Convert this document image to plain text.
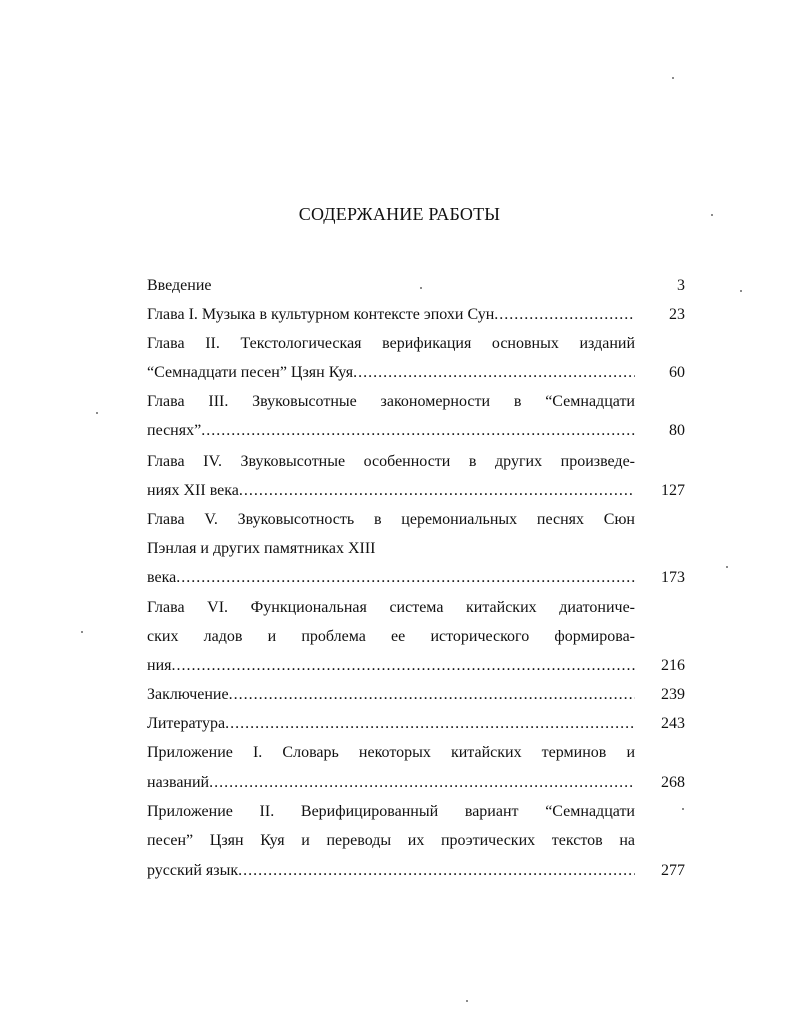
СОДЕРЖАНИЕ РАБОТЫ
Введение	3
Глава I. Музыка в культурном контексте эпохи Сун .....	23
Глава II. Текстологическая верификация основных изданий
“Семнадцати песен” Цзян Куя .....	60
Глава III. Звуковысотные закономерности в “Семнадцати
песнях” .....	80
Глава IV. Звуковысотные особенности в других произведе-
ниях XII века .....	127
Глава V. Звуковысотность в церемониальных песнях Сюн
Пэнлая и других памятниках XIII
века .....	173
Глава VI. Функциональная система китайских диатониче-
ских ладов и проблема ее исторического формирова-
ния .....	216
Заключение .....	239
Литература .....	243
Приложение I. Словарь некоторых китайских терминов и
названий .....	268
Приложение II. Верифицированный вариант “Семнадцати
песен” Цзян Куя и переводы их проэтических текстов на
русский язык .....	277
